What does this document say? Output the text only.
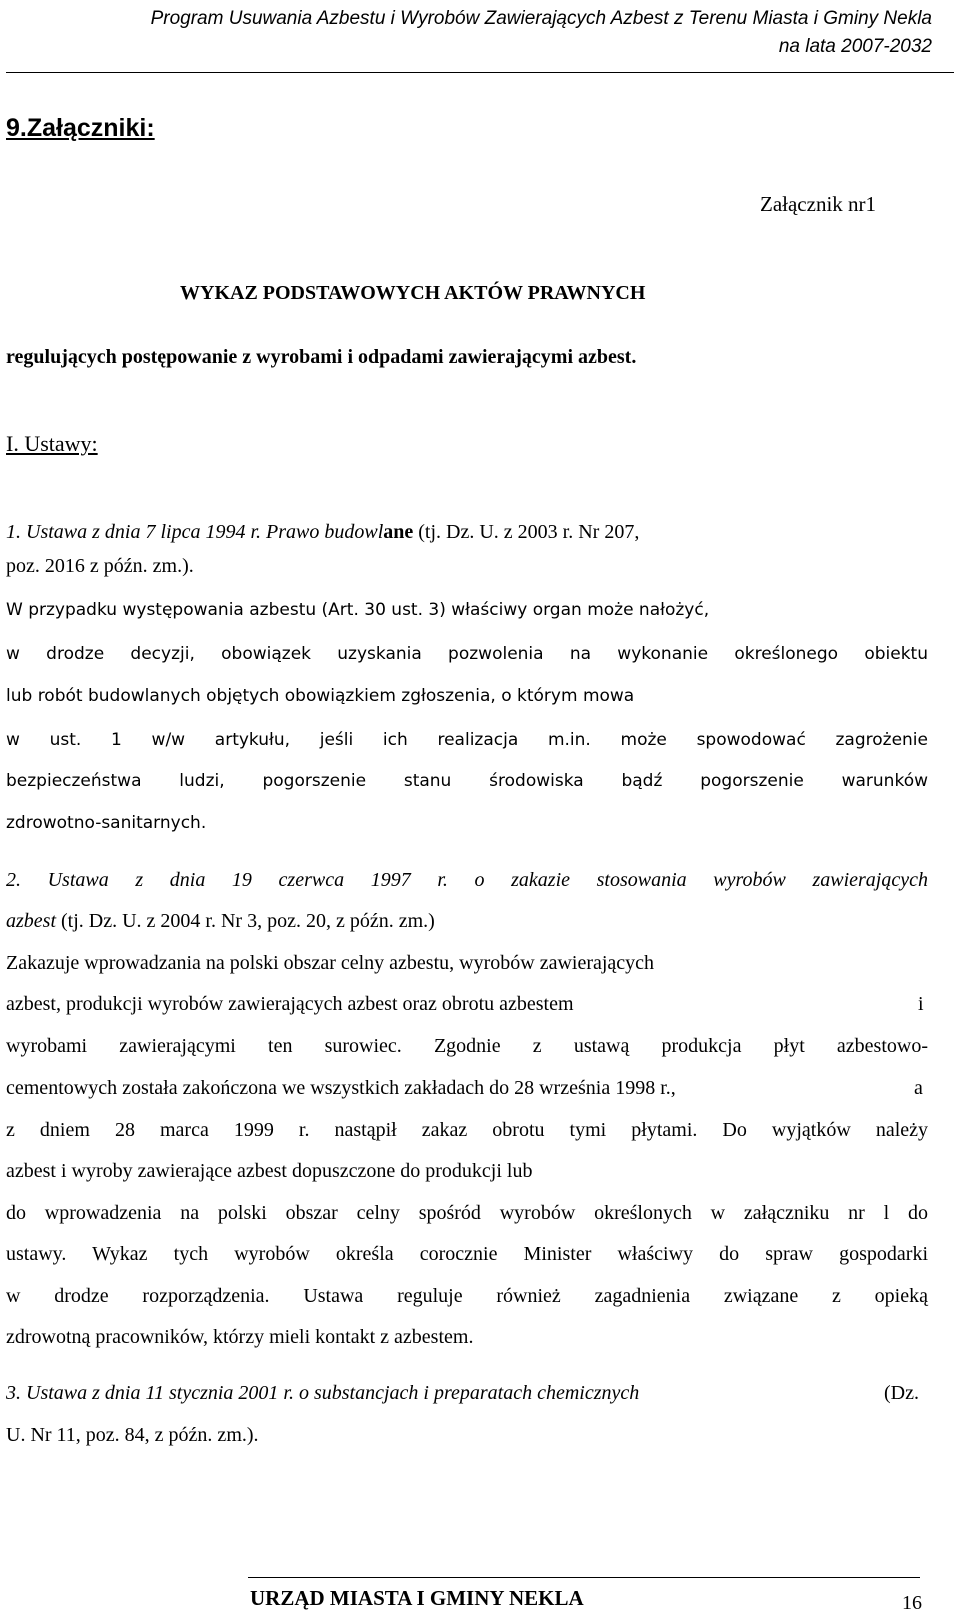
Program Usuwania Azbestu i Wyrobów Zawierających Azbest z Terenu Miasta i Gminy Nekla
na lata 2007-2032
9.Załączniki:
Załącznik nr1
WYKAZ PODSTAWOWYCH AKTÓW PRAWNYCH
regulujących postępowanie z wyrobami i odpadami zawierającymi azbest.
I. Ustawy:
1. Ustawa z dnia 7 lipca 1994 r. Prawo budowlane (tj. Dz. U. z 2003 r. Nr 207,
poz. 2016 z późn. zm.).
W przypadku występowania azbestu (Art. 30 ust. 3) właściwy organ może nałożyć,
w drodze decyzji, obowiązek uzyskania pozwolenia na wykonanie określonego obiektu
lub robót budowlanych objętych obowiązkiem zgłoszenia, o którym mowa
w ust. 1 w/w artykułu, jeśli ich realizacja m.in. może spowodować zagrożenie
bezpieczeństwa ludzi, pogorszenie stanu środowiska bądź pogorszenie warunków
zdrowotno-sanitarnych.
2. Ustawa z dnia 19 czerwca 1997 r. o zakazie stosowania wyrobów zawierających
azbest (tj. Dz. U. z 2004 r. Nr 3, poz. 20, z późn. zm.)
Zakazuje wprowadzania na polski obszar celny azbestu, wyrobów zawierających
azbest, produkcji wyrobów zawierających azbest oraz obrotu azbestem	i
wyrobami zawierającymi ten surowiec. Zgodnie z ustawą produkcja płyt azbestowo-
cementowych została zakończona we wszystkich zakładach do 28 września 1998 r.,	a
z dniem 28 marca 1999 r. nastąpił zakaz obrotu tymi płytami. Do wyjątków należy
azbest i wyroby zawierające azbest dopuszczone do produkcji lub
do wprowadzenia na polski obszar celny spośród wyrobów określonych w załączniku nr l do
ustawy. Wykaz tych wyrobów określa corocznie Minister właściwy do spraw gospodarki
w drodze rozporządzenia. Ustawa reguluje również zagadnienia związane z opieką
zdrowotną pracowników, którzy mieli kontakt z azbestem.
3. Ustawa z dnia 11 stycznia 2001 r. o substancjach i preparatach chemicznych	(Dz.
U. Nr 11, poz. 84, z późn. zm.).
URZĄD MIASTA I GMINY NEKLA	16
